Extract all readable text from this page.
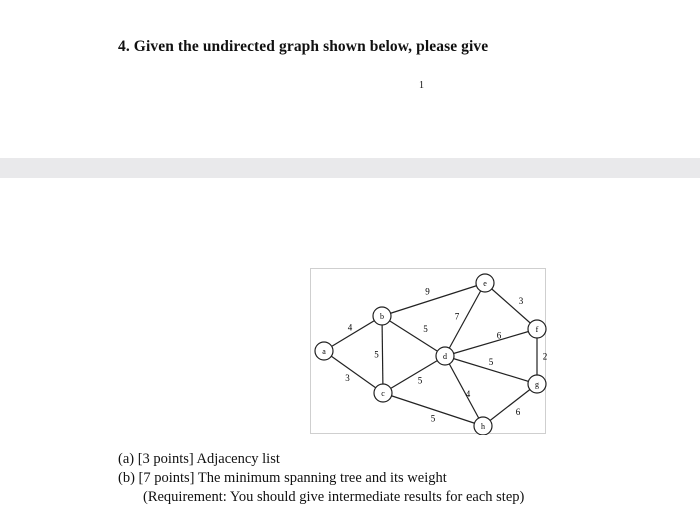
4. Given the undirected graph shown below, please give
1
4
3
5
5
9
5
5
7
6
5
4
3
2
6
a
b
c
d
e
f
g
h
(a) [3 points] Adjacency list
(b) [7 points] The minimum spanning tree and its weight
(Requirement: You should give intermediate results for each step)
